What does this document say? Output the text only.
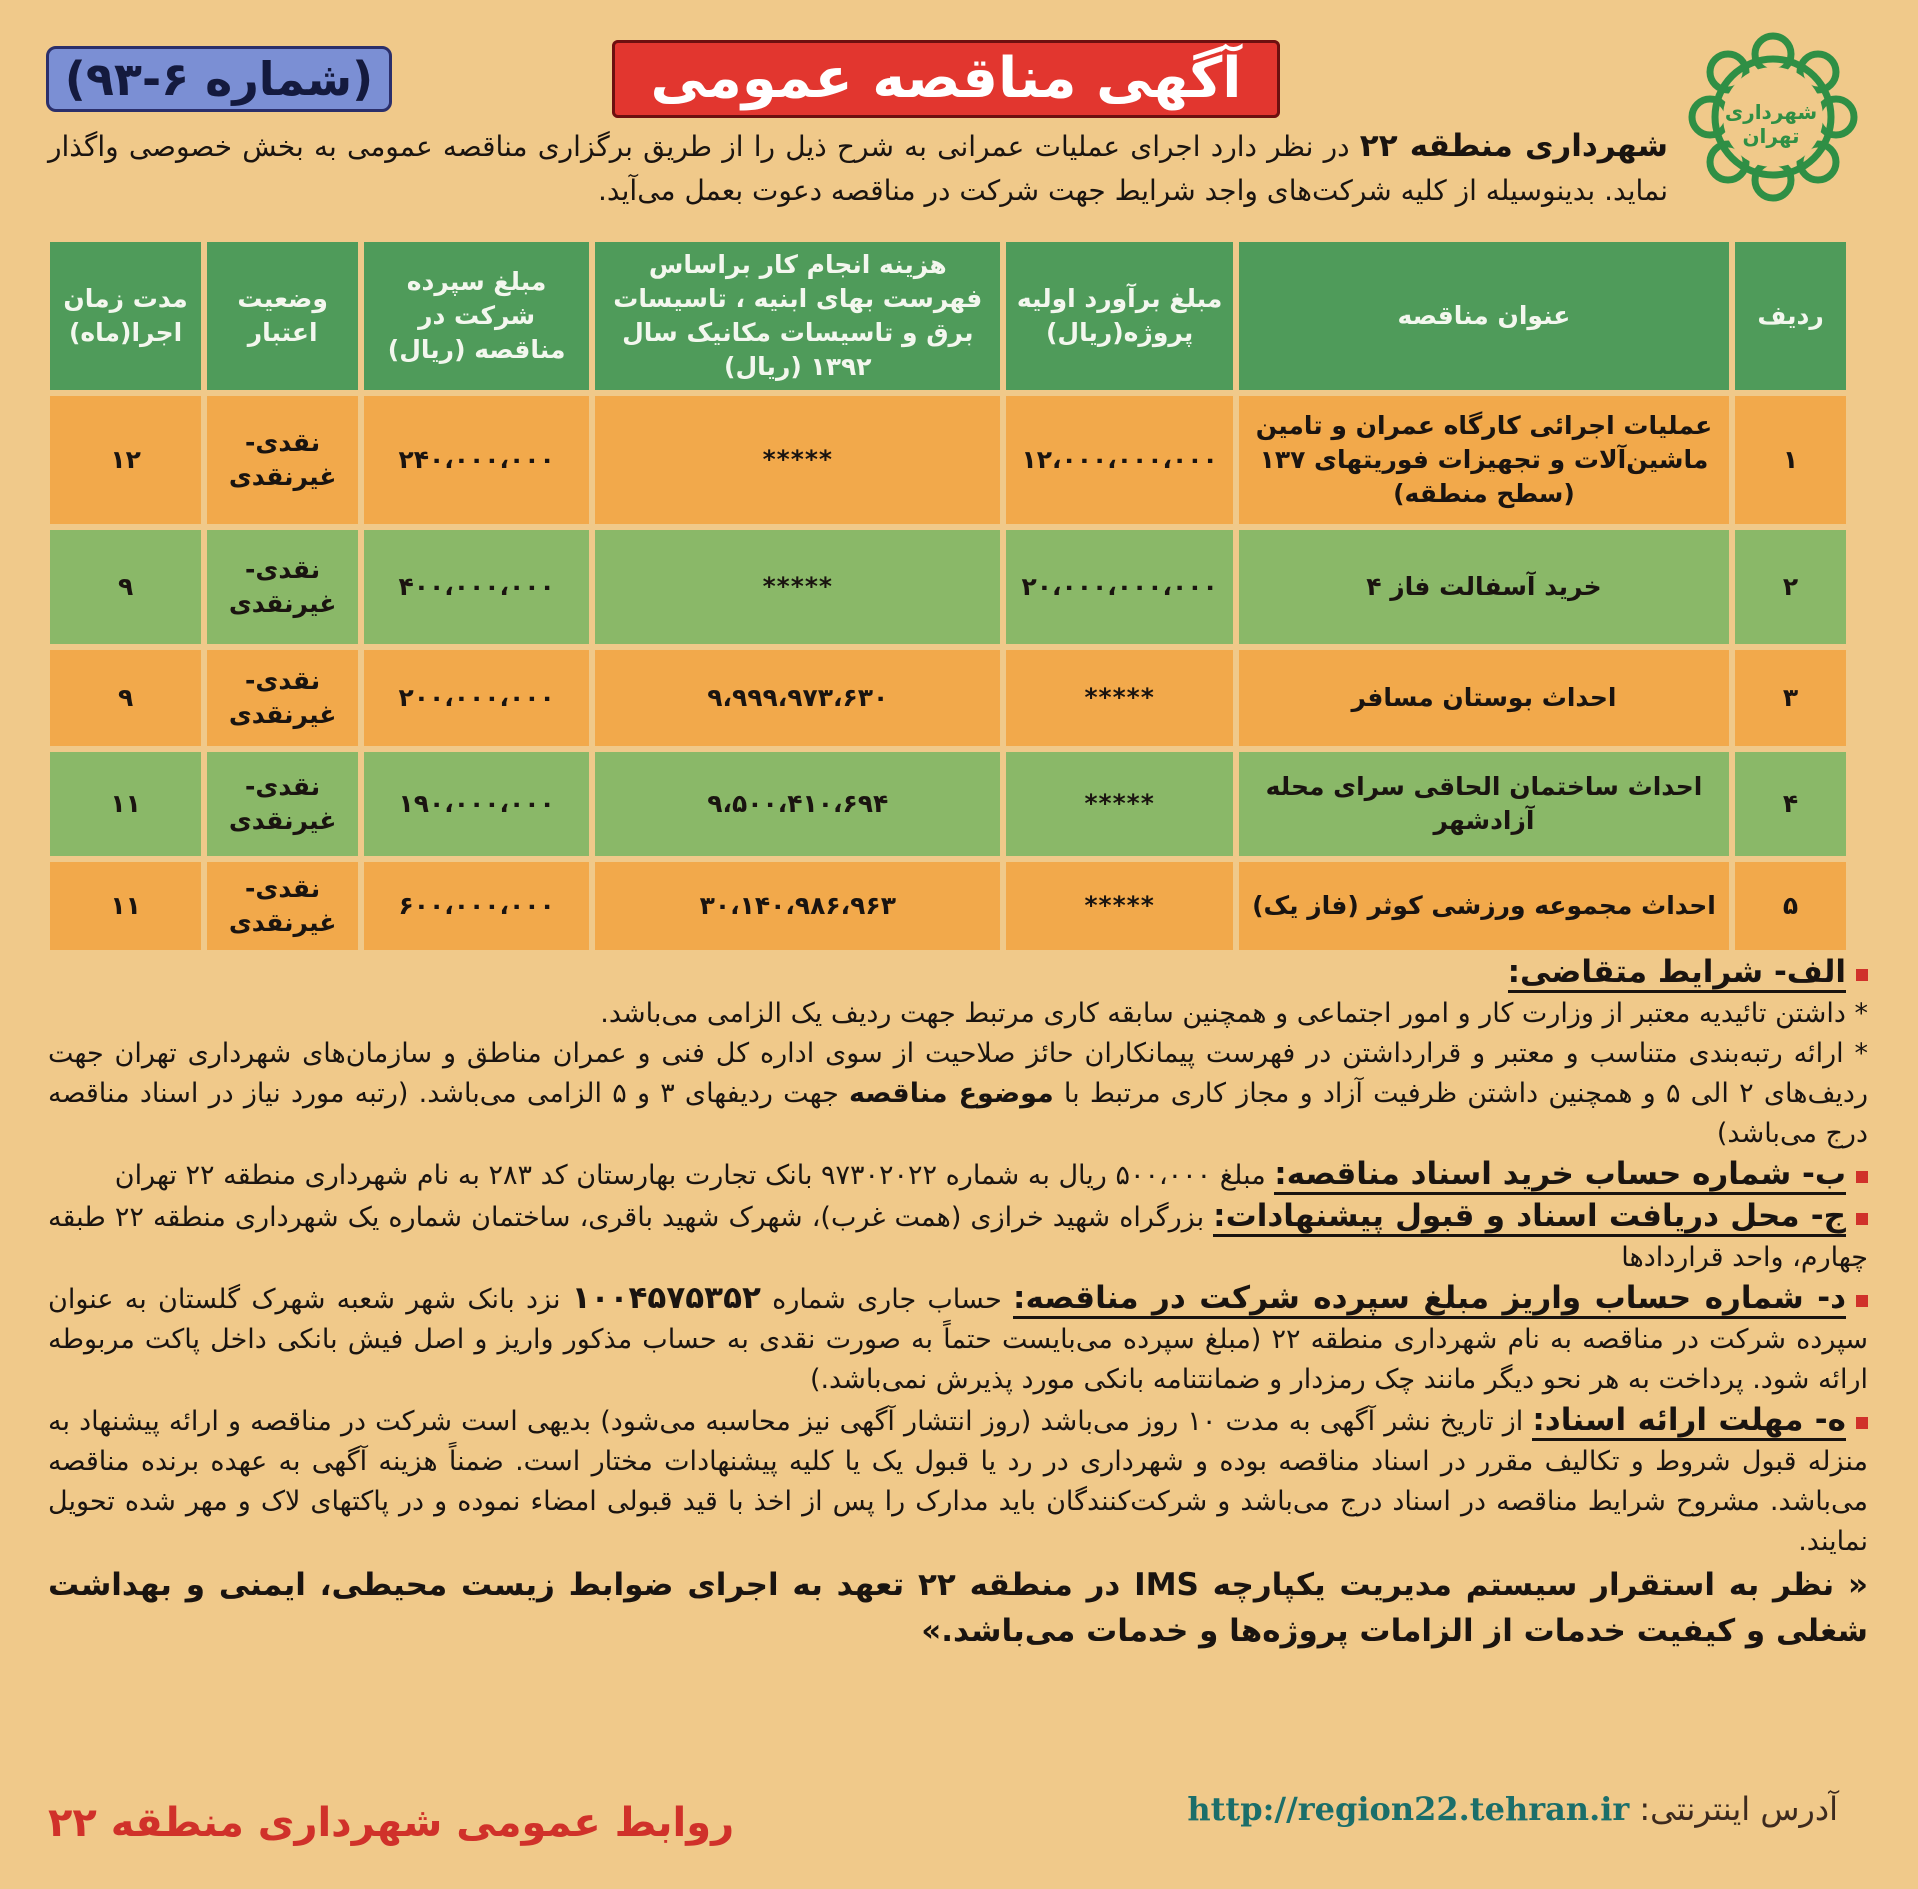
شهرداری تهران
آگهی مناقصه عمومی
(شماره ۶-۹۳)
شهرداری منطقه ۲۲ در نظر دارد اجرای عملیات عمرانی به شرح ذیل را از طریق برگزاری مناقصه عمومی به بخش خصوصی واگذار نماید. بدینوسیله از کلیه شرکت‌های واجد شرایط جهت شرکت در مناقصه دعوت بعمل می‌آید.
ردیف	عنوان مناقصه	مبلغ برآورد اولیه پروژه(ریال)	هزینه انجام کار براساس فهرست بهای ابنیه ، تاسیسات برق و تاسیسات مکانیک سال ۱۳۹۲ (ریال)	مبلغ سپرده شرکت در مناقصه (ریال)	وضعیت اعتبار	مدت زمان اجرا(ماه)
۱	عملیات اجرائی کارگاه عمران و تامین ماشین‌آلات و تجهیزات فوریتهای ۱۳۷ (سطح منطقه)	۱۲،۰۰۰،۰۰۰،۰۰۰	*****	۲۴۰،۰۰۰،۰۰۰	نقدی- غیرنقدی	۱۲
۲	خرید آسفالت فاز ۴	۲۰،۰۰۰،۰۰۰،۰۰۰	*****	۴۰۰،۰۰۰،۰۰۰	نقدی- غیرنقدی	۹
۳	احداث بوستان مسافر	*****	۹،۹۹۹،۹۷۳،۶۳۰	۲۰۰،۰۰۰،۰۰۰	نقدی- غیرنقدی	۹
۴	احداث ساختمان الحاقی سرای محله آزادشهر	*****	۹،۵۰۰،۴۱۰،۶۹۴	۱۹۰،۰۰۰،۰۰۰	نقدی- غیرنقدی	۱۱
۵	احداث مجموعه ورزشی کوثر (فاز یک)	*****	۳۰،۱۴۰،۹۸۶،۹۶۳	۶۰۰،۰۰۰،۰۰۰	نقدی- غیرنقدی	۱۱

الف- شرایط متقاضی:

* داشتن تائیدیه معتبر از وزارت کار و امور اجتماعی و همچنین سابقه کاری مرتبط جهت ردیف یک الزامی می‌باشد.

* ارائه رتبه‌بندی متناسب و معتبر و قرارداشتن در فهرست پیمانکاران حائز صلاحیت از سوی اداره کل فنی و عمران مناطق و سازمان‌های شهرداری تهران جهت ردیف‌های ۲ الی ۵ و همچنین داشتن ظرفیت آزاد و مجاز کاری مرتبط با موضوع مناقصه جهت ردیفهای ۳ و ۵ الزامی می‌باشد. (رتبه مورد نیاز در اسناد مناقصه درج می‌باشد)

ب- شماره حساب خرید اسناد مناقصه: مبلغ ۵۰۰،۰۰۰ ریال به شماره ۹۷۳۰۲۰۲۲ بانک تجارت بهارستان کد ۲۸۳ به نام شهرداری منطقه ۲۲ تهران

ج- محل دریافت اسناد و قبول پیشنهادات: بزرگراه شهید خرازی (همت غرب)، شهرک شهید باقری، ساختمان شماره یک شهرداری منطقه ۲۲ طبقه چهارم، واحد قراردادها

د- شماره حساب واریز مبلغ سپرده شرکت در مناقصه: حساب جاری شماره ۱۰۰۴۵۷۵۳۵۲ نزد بانک شهر شعبه شهرک گلستان به عنوان سپرده شرکت در مناقصه به نام شهرداری منطقه ۲۲ (مبلغ سپرده می‌بایست حتماً به صورت نقدی به حساب مذکور واریز و اصل فیش بانکی داخل پاکت مربوطه ارائه شود. پرداخت به هر نحو دیگر مانند چک رمزدار و ضمانتنامه بانکی مورد پذیرش نمی‌باشد.)

ه- مهلت ارائه اسناد: از تاریخ نشر آگهی به مدت ۱۰ روز می‌باشد (روز انتشار آگهی نیز محاسبه می‌شود) بدیهی است شرکت در مناقصه و ارائه پیشنهاد به منزله قبول شروط و تکالیف مقرر در اسناد مناقصه بوده و شهرداری در رد یا قبول یک یا کلیه پیشنهادات مختار است. ضمناً هزینه آگهی به عهده برنده مناقصه می‌باشد. مشروح شرایط مناقصه در اسناد درج می‌باشد و شرکت‌کنندگان باید مدارک را پس از اخذ با قید قبولی امضاء نموده و در پاکتهای لاک و مهر شده تحویل نمایند.

« نظر به استقرار سیستم مدیریت یکپارچه IMS در منطقه ۲۲ تعهد به اجرای ضوابط زیست محیطی، ایمنی و بهداشت شغلی و کیفیت خدمات از الزامات پروژه‌ها و خدمات می‌باشد.»

آدرس اینترنتی: http://region22.tehran.ir
روابط عمومی شهرداری منطقه ۲۲
